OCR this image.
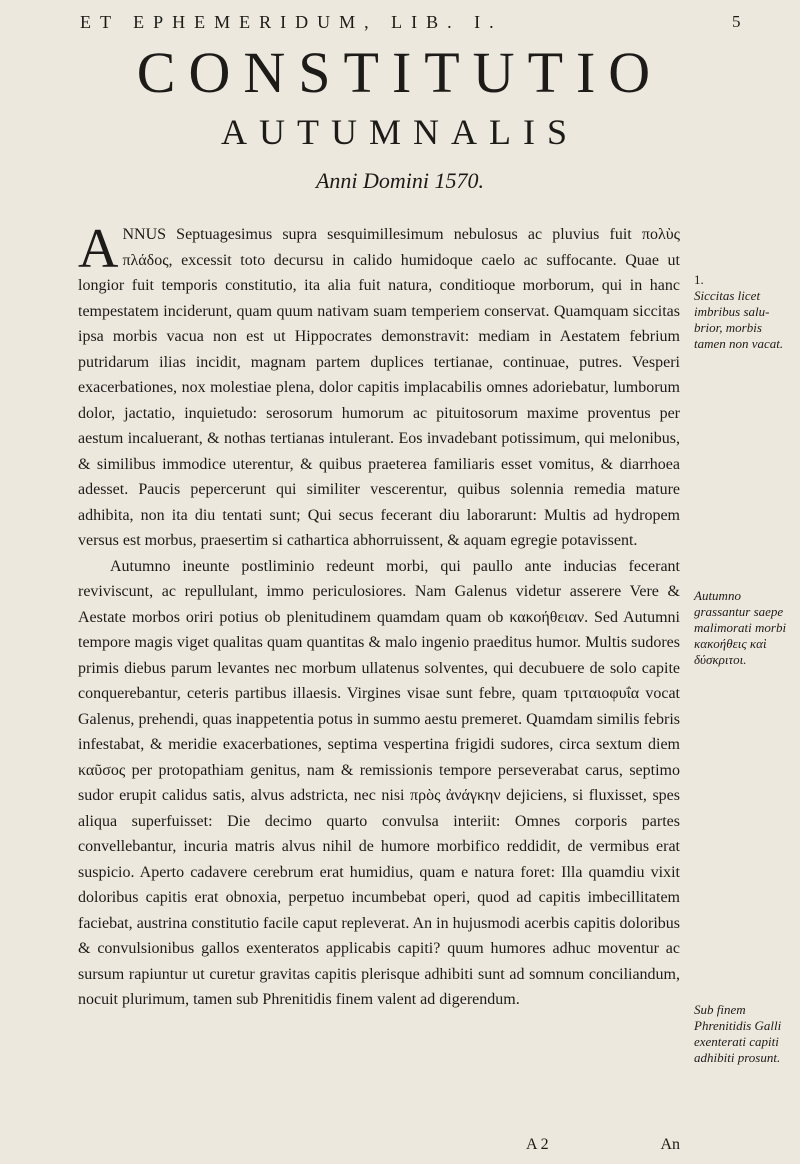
ET EPHEMERIDUM, LIB. I.	5
CONSTITUTIO
AUTUMNALIS
Anni Domini 1570.

ANNUS Septuagesimus supra sesquimillesimum nebulosus ac pluvius fuit πολὺς πλάδος, excessit toto decursu in calido humidoque caelo ac suffocante. Quae ut longior fuit temporis constitutio, ita alia fuit natura, conditioque morborum, qui in hanc tempestatem inciderunt, quam quum nativam suam temperiem conservat. Quamquam siccitas ipsa morbis vacua non est ut Hippocrates demonstravit: mediam in Aestatem febrium putridarum ilias incidit, magnam partem duplices tertianae, continuae, putres. Vesperi exacerbationes, nox molestiae plena, dolor capitis implacabilis omnes adoriebatur, lumborum dolor, jactatio, inquietudo: serosorum humorum ac pituitosorum maxime proventus per aestum incaluerant, & nothas tertianas intulerant. Eos invadebant potissimum, qui melonibus, & similibus immodice uterentur, & quibus praeterea familiaris esset vomitus, & diarrhoea adesset. Paucis pepercerunt qui similiter vescerentur, quibus solennia remedia mature adhibita, non ita diu tentati sunt; Qui secus fecerant diu laborarunt: Multis ad hydropem versus est morbus, praesertim si cathartica abhorruissent, & aquam egregie potavissent.

Autumno ineunte postliminio redeunt morbi, qui paullo ante inducias fecerant reviviscunt, ac repullulant, immo periculosiores. Nam Galenus videtur asserere Vere & Aestate morbos oriri potius ob plenitudinem quamdam quam ob κακοήθειαν. Sed Autumni tempore magis viget qualitas quam quantitas & malo ingenio praeditus humor. Multis sudores primis diebus parum levantes nec morbum ullatenus solventes, qui decubuere de solo capite conquerebantur, ceteris partibus illaesis. Virgines visae sunt febre, quam τριταιοφυΐα vocat Galenus, prehendi, quas inappetentia potus in summo aestu premeret. Quamdam similis febris infestabat, & meridie exacerbationes, septima vespertina frigidi sudores, circa sextum diem καῦσος per protopathiam genitus, nam & remissionis tempore perseverabat carus, septimo sudor erupit calidus satis, alvus adstricta, nec nisi πρὸς ἀνάγκην dejiciens, si fluxisset, spes aliqua superfuisset: Die decimo quarto convulsa interiit: Omnes corporis partes convellebantur, incuria matris alvus nihil de humore morbifico reddidit, de vermibus erat suspicio. Aperto cadavere cerebrum erat humidius, quam e natura foret: Illa quamdiu vixit doloribus capitis erat obnoxia, perpetuo incumbebat operi, quod ad capitis imbecillitatem faciebat, austrina constitutio facile caput repleverat. An in hujusmodi acerbis capitis doloribus & convulsionibus gallos exenteratos applicabis capiti? quum humores adhuc moventur ac sursum rapiuntur ut curetur gravitas capitis plerisque adhibiti sunt ad somnum conciliandum, nocuit plurimum, tamen sub Phrenitidis finem valent ad digerendum.

1.
Siccitas licet imbribus salu-brior, morbis tamen non vacat.
Autumno grassantur saepe malimorati morbi κακοήθεις καὶ δύσκριτοι.
Sub finem Phrenitidis Galli exenterati capiti adhibiti prosunt.
A 2	An
